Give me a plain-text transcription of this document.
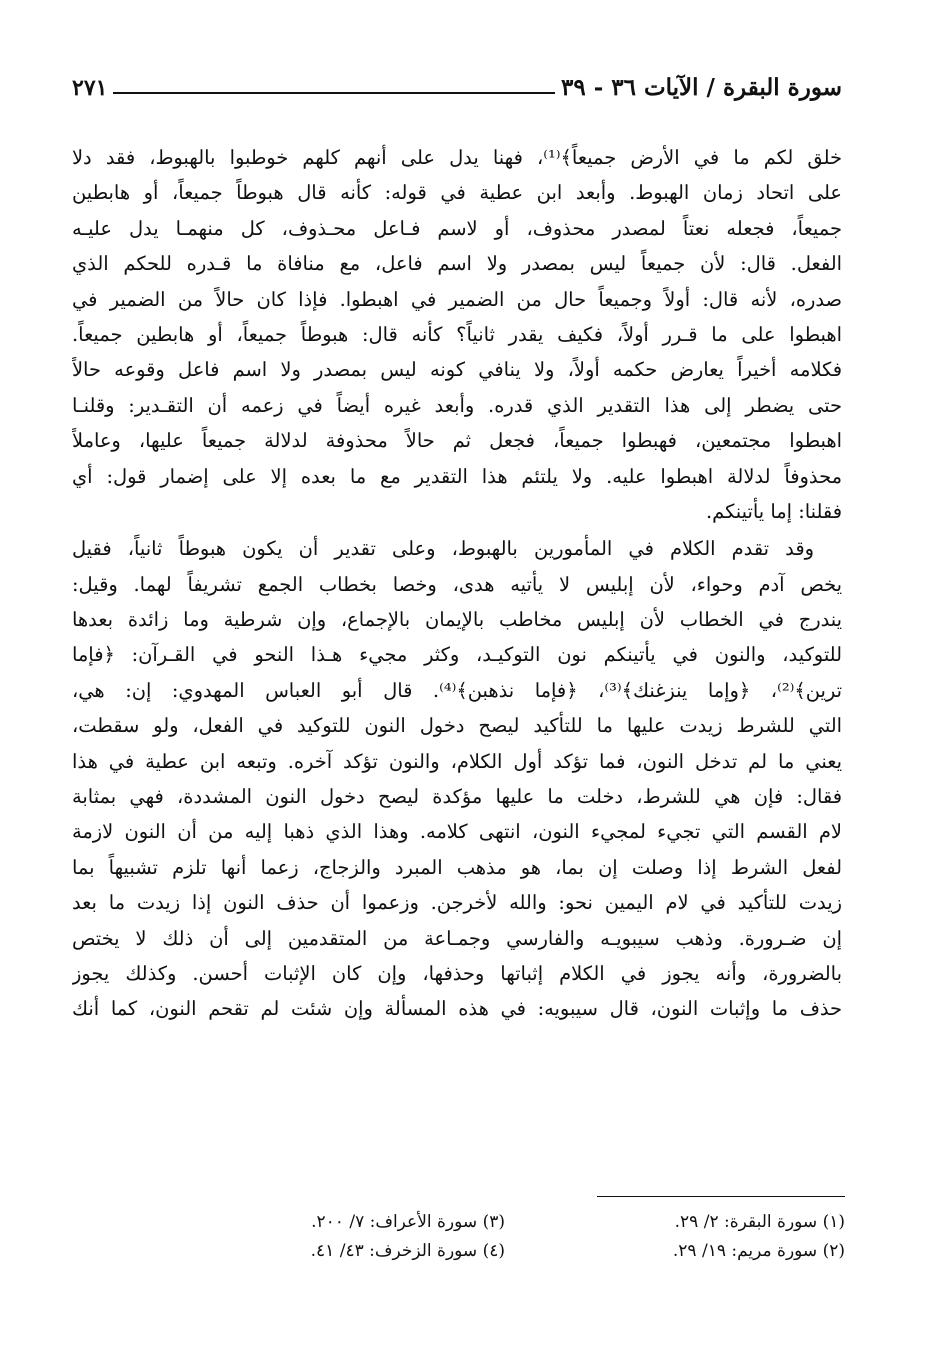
سورة البقرة / الآيات ٣٦ - ٣٩
٢٧١
خلق لكم ما في الأرض جميعاً﴾⁽¹⁾، فهنا يدل على أنهم كلهم خوطبوا بالهبوط، فقد دلا
على اتحاد زمان الهبوط. وأبعد ابن عطية في قوله: كأنه قال هبوطاً جميعاً، أو هابطين
جميعاً، فجعله نعتاً لمصدر محذوف، أو لاسم فـاعل محـذوف، كل منهمـا يدل عليـه
الفعل. قال: لأن جميعاً ليس بمصدر ولا اسم فاعل، مع منافاة ما قـدره للحكم الذي
صدره، لأنه قال: أولاً وجميعاً حال من الضمير في اهبطوا. فإذا كان حالاً من الضمير في
اهبطوا على ما قـرر أولاً، فكيف يقدر ثانياً؟ كأنه قال: هبوطاً جميعاً، أو هابطين جميعاً.
فكلامه أخيراً يعارض حكمه أولاً، ولا ينافي كونه ليس بمصدر ولا اسم فاعل وقوعه حالاً
حتى يضطر إلى هذا التقدير الذي قدره. وأبعد غيره أيضاً في زعمه أن التقـدير: وقلنـا
اهبطوا مجتمعين، فهبطوا جميعاً، فجعل ثم حالاً محذوفة لدلالة جميعاً عليها، وعاملاً
محذوفاً لدلالة اهبطوا عليه. ولا يلتئم هذا التقدير مع ما بعده إلا على إضمار قول: أي
فقلنا: إما يأتينكم.
وقد تقدم الكلام في المأمورين بالهبوط، وعلى تقدير أن يكون هبوطاً ثانياً، فقيل
يخص آدم وحواء، لأن إبليس لا يأتيه هدى، وخصا بخطاب الجمع تشريفاً لهما. وقيل:
يندرج في الخطاب لأن إبليس مخاطب بالإيمان بالإجماع، وإن شرطية وما زائدة بعدها
للتوكيد، والنون في يأتينكم نون التوكيـد، وكثر مجيء هـذا النحو في القـرآن: ﴿فإما
ترين﴾⁽²⁾، ﴿وإما ينزغنك﴾⁽³⁾، ﴿فإما نذهبن﴾⁽⁴⁾. قال أبو العباس المهدوي: إن: هي،
التي للشرط زيدت عليها ما للتأكيد ليصح دخول النون للتوكيد في الفعل، ولو سقطت،
يعني ما لم تدخل النون، فما تؤكد أول الكلام، والنون تؤكد آخره. وتبعه ابن عطية في هذا
فقال: فإن هي للشرط، دخلت ما عليها مؤكدة ليصح دخول النون المشددة، فهي بمثابة
لام القسم التي تجيء لمجيء النون، انتهى كلامه. وهذا الذي ذهبا إليه من أن النون لازمة
لفعل الشرط إذا وصلت إن بما، هو مذهب المبرد والزجاج، زعما أنها تلزم تشبيهاً بما
زيدت للتأكيد في لام اليمين نحو: والله لأخرجن. وزعموا أن حذف النون إذا زيدت ما بعد
إن ضـرورة. وذهب سيبويـه والفارسي وجمـاعة من المتقدمين إلى أن ذلك لا يختص
بالضرورة، وأنه يجوز في الكلام إثباتها وحذفها، وإن كان الإثبات أحسن. وكذلك يجوز
حذف ما وإثبات النون، قال سيبويه: في هذه المسألة وإن شئت لم تقحم النون، كما أنك
(١) سورة البقرة: ٢/ ٢٩.
(٣) سورة الأعراف: ٧/ ٢٠٠.
(٢) سورة مريم: ١٩/ ٢٩.
(٤) سورة الزخرف: ٤٣/ ٤١.
